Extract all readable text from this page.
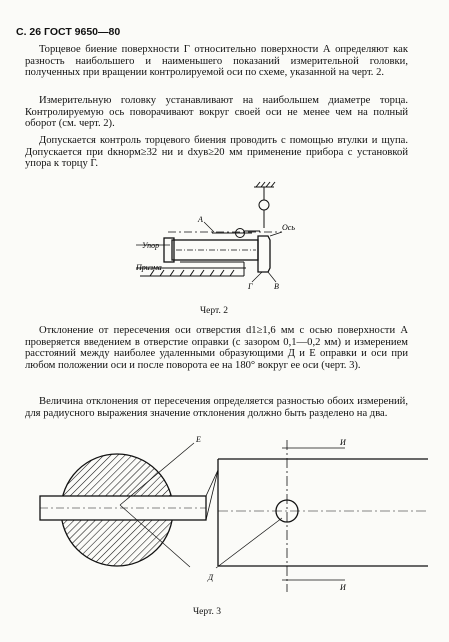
С. 26 ГОСТ 9650—80

Торцевое биение поверхности Г относительно поверхности А определяют как разность наибольшего и наименьшего показаний измерительной головки, полученных при вращении контролируемой оси по схеме, указанной на черт. 2.

Измерительную головку устанавливают на наибольшем диаметре торца. Контролируемую ось поворачивают вокруг своей оси не менее чем на полный оборот (см. черт. 2).

Допускается контроль торцевого биения проводить с помощью втулки и щупа. Допускается при dкнорм≥32 ни и dхув≥20 мм применение прибора с установкой упора к торцу Г.

А
Ось
Упор
Призма
Г	В
Черт. 2

Отклонение от пересечения оси отверстия d1≥1,6 мм с осью поверхности А проверяется введением в отверстие оправки (с зазором 0,1—0,2 мм) и измерением расстояний между наиболее удаленными образующими Д и Е оправки и оси при любом положении оси и после поворота ее на 180° вокруг ее оси (черт. 3).

Величина отклонения от пересечения определяется разностью обоих измерений, для радиусного выражения значение отклонения должно быть разделено на два.

Е	И
Д
И
Черт. 3
